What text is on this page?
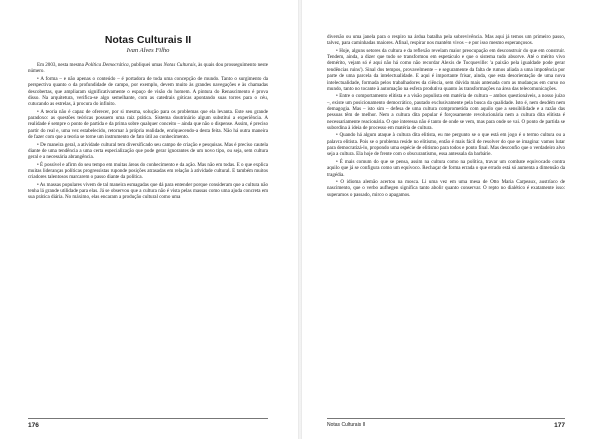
Notas Culturais II

Ivan Alves Filho

Em 2003, nesta mesma Política Democrática, publiquei umas Notas Culturais, às quais dou prosseguimento neste número.

• A forma – e não apenas o conteúdo – é portadora de toda uma concepção de mundo. Tanto o surgimento da perspectiva quanto o da profundidade de campo, por exemplo, devem muito às grandes navegações e às chamadas descobertas, que ampliaram significativamente o espaço de visão do homem. A pintura do Renascimento é prova disso. Na arquitetura, verifica-se algo semelhante, com as catedrais góticas apontando suas torres para o céu, cutucando as estrelas, à procura do infinito.

• A teoria não é capaz de oferecer, por si mesma, solução para os problemas que ela levanta. Este seu grande paradoxo: as questões teóricas possuem uma raiz prática. Sistema doutrinário algum substitui a experiência. A realidade é sempre o ponto de partida e da prima sobre qualquer conceito – ainda que não o dispense. Assim, é preciso partir do real e, uma vez estabelecido, retornar à própria realidade, enriquecendo-a desta feita. Não há outra maneira de fazer com que a teoria se torne um instrumento de fato útil ao conhecimento.

• De maneira geral, a atividade cultural tem diversificado seu campo de criação e pesquisas. Mas é preciso cautela diante de uma tendência a uma certa especialização que pode gerar ignorantes de um novo tipo, ou seja, sem cultura geral e a necessária abrangência.

• É possível e afirm do seu tempo em muitas áreas do conhecimento e da ação. Mas não em todas. E o que explica muitas lideranças políticas progressistas ruponde posições atrasadas em relação à atividade cultural. E também muitos criadores talentosos marcarem o passo diante da política.

• As massas populares vivem de tal maneira esmagadas que dá para entender porque consideram que a cultura não tenha lá grande utilidade para elas. Já se observou que a cultura não é vista pelas massas como uma ajuda concreta em sua prática diária. No máximo, elas encaram a produção cultural como uma

176

diversão ou uma janela para o respiro na árdua batalha pela sobrevivência. Mas aqui já temos um primeiro passo, talvez, para caminhadas maiores. Afinal, respirar nos mantém vivos – e por isso mesmo esperançosos.

• Hoje, alguns setores da cultura e da reflexão revelam maior preocupação em desconstruir do que em construir. Tendem, ainda, a dizer que tudo se transformou em espetáculo e que o sistema tudo absorve. Até o mérito vivo demérito, vejam só é aqui não há como não recordar Alexis de Tocqueville: 'a paixão pela igualdade pode gerar tendências ruins'). Sinal dos tempos, provavelmente – e seguramente da falta de rumos aliada a uma impotência por parte de uma parcela da intelectualidade. E aqui é importante frisar, ainda, que esta desorientação de uma nova intelectualidade, formada pelos trabalhadores da ciência, sem dúvida mais antenada com as mudanças em curso no mundo, tanto no tocante à automação na esfera produtiva quanto às transformações na área das telecomunicações.

• Entre o comportamento elitista e a visão populista em matéria de cultura – ambos questionáveis, a nosso juízo –, existe um posicionamento democrático, pautado exclusivamente pela busca da qualidade. Isto é, nem desdém nem demagogia. Mas – isto sim – defesa de uma cultura comprometida com aquilo que a sensibilidade e a razão das pessoas têm de melhor. Nem a cultura dita popular é forçosamente revolucionária nem a cultura dita elitista é necessariamente reacionária. O que interessa não é tanto de onde se vem, mas para onde se vai. O ponto de partida se subordina à ideia de processo em matéria de cultura.

• Quando há algum ataque à cultura dita elitista, eu me pergunto se o que está em jogo é o termo cultura ou a palavra elitista. Pois se o problema reside no elitismo, então é mais fácil de resolver do que se imagina: vamos lutar para democratizá-lo, propondo uma espécie de elitismo para todos e ponto final. Mas desconfio que o verdadeiro alvo seja a cultura. Ela hoje de frente com o obscurantismo, essa antessala da barbárie.

• É mais comum do que se pensa, assim na cultura como na política, travar um combate equivocado contra aquilo que já se configura como um equívoco. Rechaçar de forma errada o que errado está só aumenta a dimensão da tragédia.

• O idioma alemão acertou na mosca. Li uma vez em uma mesa de Otto Maria Carpeaux, austríaco de nascimento, que o verbo aufhegen significa tanto abolir quanto conservar. O repto no dialético é exatamente isso: superamos o passado, mirco o apagamos.

Notas Culturais II	177
